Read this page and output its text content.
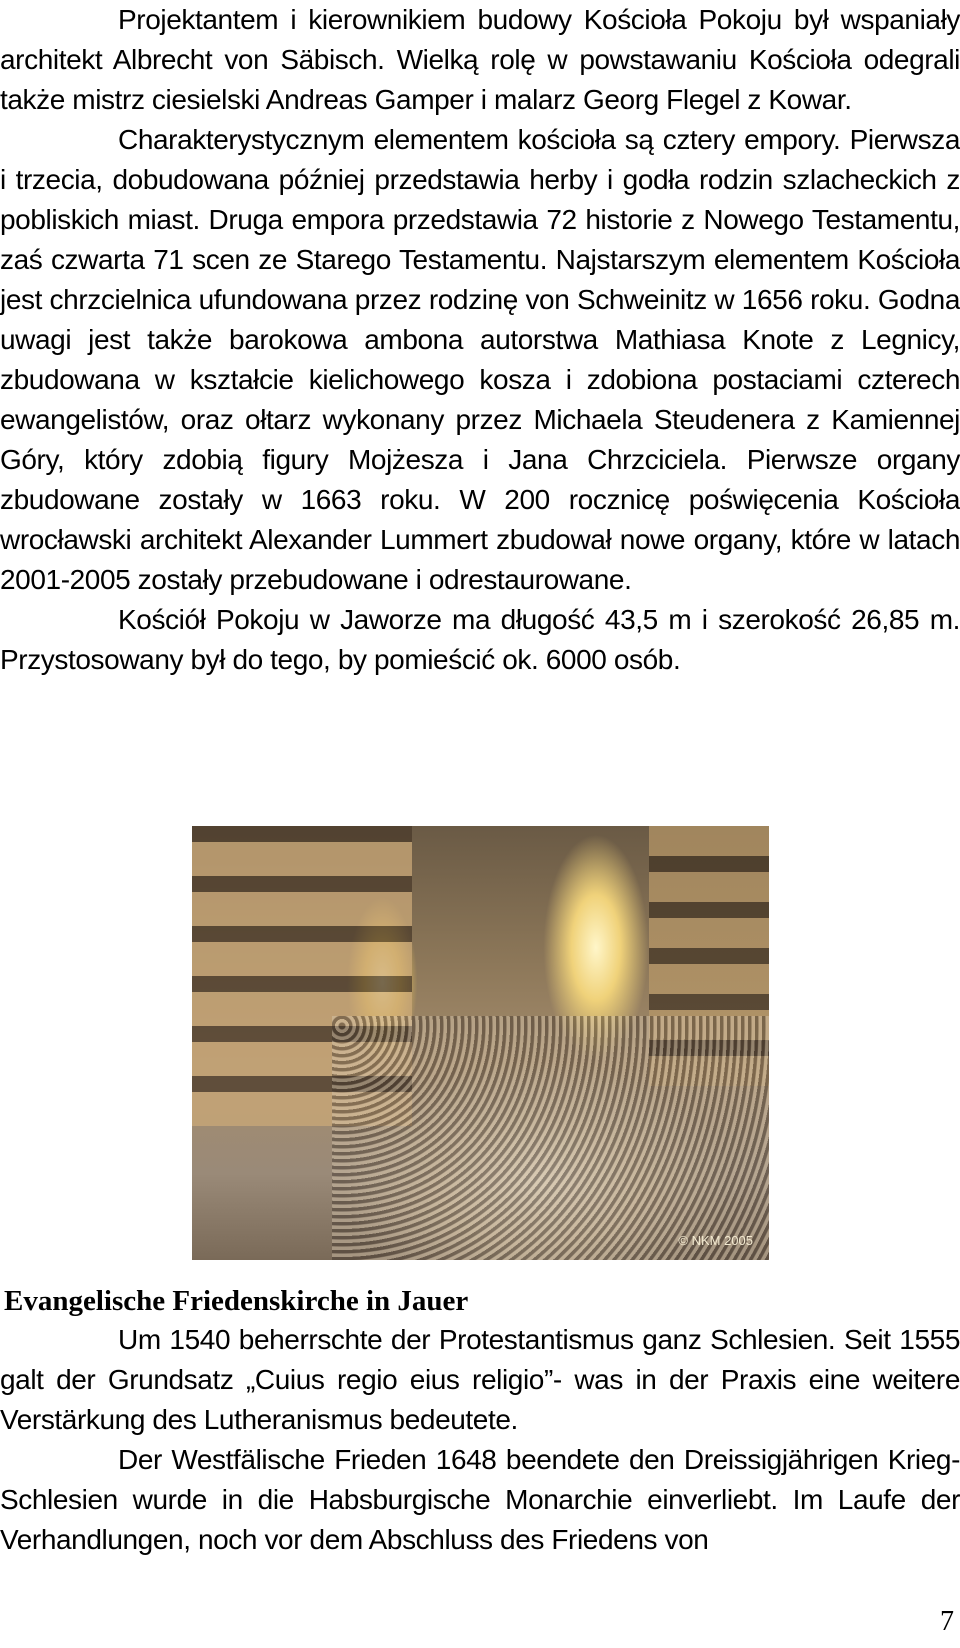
Projektantem i kierownikiem budowy Kościoła Pokoju był wspaniały architekt Albrecht von Säbisch. Wielką rolę w powstawaniu Kościoła odegrali także mistrz ciesielski Andreas Gamper i malarz Georg Flegel z Kowar.

Charakterystycznym elementem kościoła są cztery empory. Pierwsza i trzecia, dobudowana później przedstawia herby i godła rodzin szlacheckich z pobliskich miast. Druga empora przedstawia 72 historie z Nowego Testamentu, zaś czwarta 71 scen ze Starego Testamentu. Najstarszym elementem Kościoła jest chrzcielnica ufundowana przez rodzinę von Schweinitz w 1656 roku. Godna uwagi jest także barokowa ambona autorstwa Mathiasa Knote z Legnicy, zbudowana w kształcie kielichowego kosza i zdobiona postaciami czterech ewangelistów, oraz ołtarz wykonany przez Michaela Steudenera z Kamiennej Góry, który zdobią figury Mojżesza i Jana Chrzciciela. Pierwsze organy zbudowane zostały w 1663 roku. W 200 rocznicę poświęcenia Kościoła wrocławski architekt Alexander Lummert zbudował nowe organy, które w latach 2001-2005 zostały przebudowane i odrestaurowane.

Kościół Pokoju w Jaworze ma długość 43,5 m i szerokość 26,85 m. Przystosowany był do tego, by pomieścić ok. 6000 osób.

© NKM 2005
Evangelische Friedenskirche in Jauer

Um 1540 beherrschte der Protestantismus ganz Schlesien. Seit 1555 galt der Grundsatz „Cuius regio eius religio”- was in der Praxis eine weitere Verstärkung des Lutheranismus bedeutete.

Der Westfälische Frieden 1648 beendete den Dreissigjährigen Krieg- Schlesien wurde in die Habsburgische Monarchie einverliebt. Im Laufe der Verhandlungen, noch vor dem Abschluss des Friedens von

7
